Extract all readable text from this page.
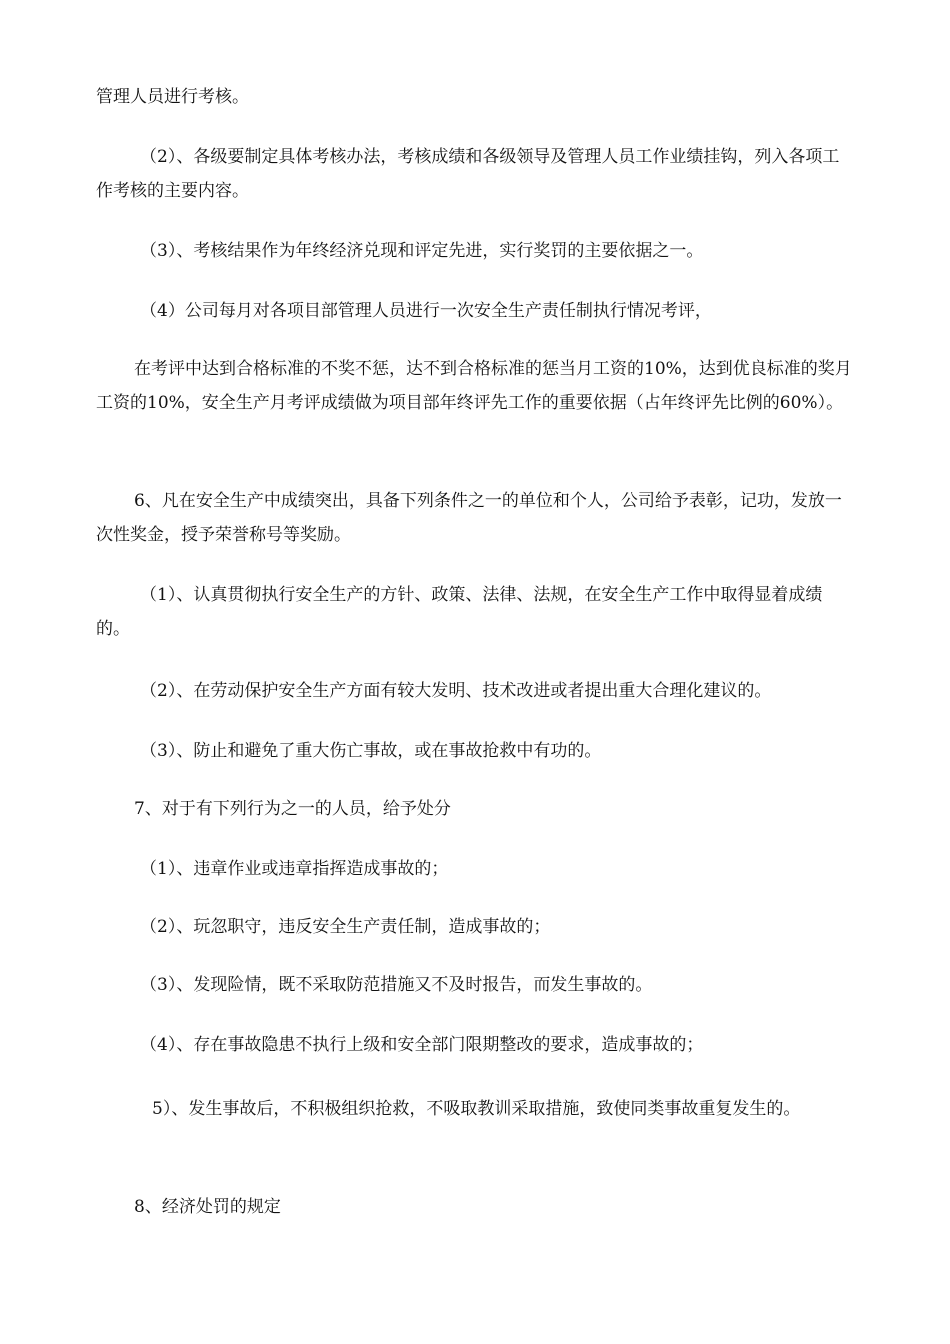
管理人员进行考核。

（2）、各级要制定具体考核办法，考核成绩和各级领导及管理人员工作业绩挂钩，列入各项工作考核的主要内容。

（3）、考核结果作为年终经济兑现和评定先进，实行奖罚的主要依据之一。

（4）公司每月对各项目部管理人员进行一次安全生产责任制执行情况考评，

在考评中达到合格标准的不奖不惩，达不到合格标准的惩当月工资的10%，达到优良标准的奖月工资的10%，安全生产月考评成绩做为项目部年终评先工作的重要依据（占年终评先比例的60%）。

6、凡在安全生产中成绩突出，具备下列条件之一的单位和个人，公司给予表彰，记功，发放一次性奖金，授予荣誉称号等奖励。

（1）、认真贯彻执行安全生产的方针、政策、法律、法规，在安全生产工作中取得显着成绩的。

（2）、在劳动保护安全生产方面有较大发明、技术改进或者提出重大合理化建议的。

（3）、防止和避免了重大伤亡事故，或在事故抢救中有功的。

7、对于有下列行为之一的人员，给予处分

（1）、违章作业或违章指挥造成事故的；

（2）、玩忽职守，违反安全生产责任制，造成事故的；

（3）、发现险情，既不采取防范措施又不及时报告，而发生事故的。

（4）、存在事故隐患不执行上级和安全部门限期整改的要求，造成事故的；

5）、发生事故后，不积极组织抢救，不吸取教训采取措施，致使同类事故重复发生的。

8、经济处罚的规定
